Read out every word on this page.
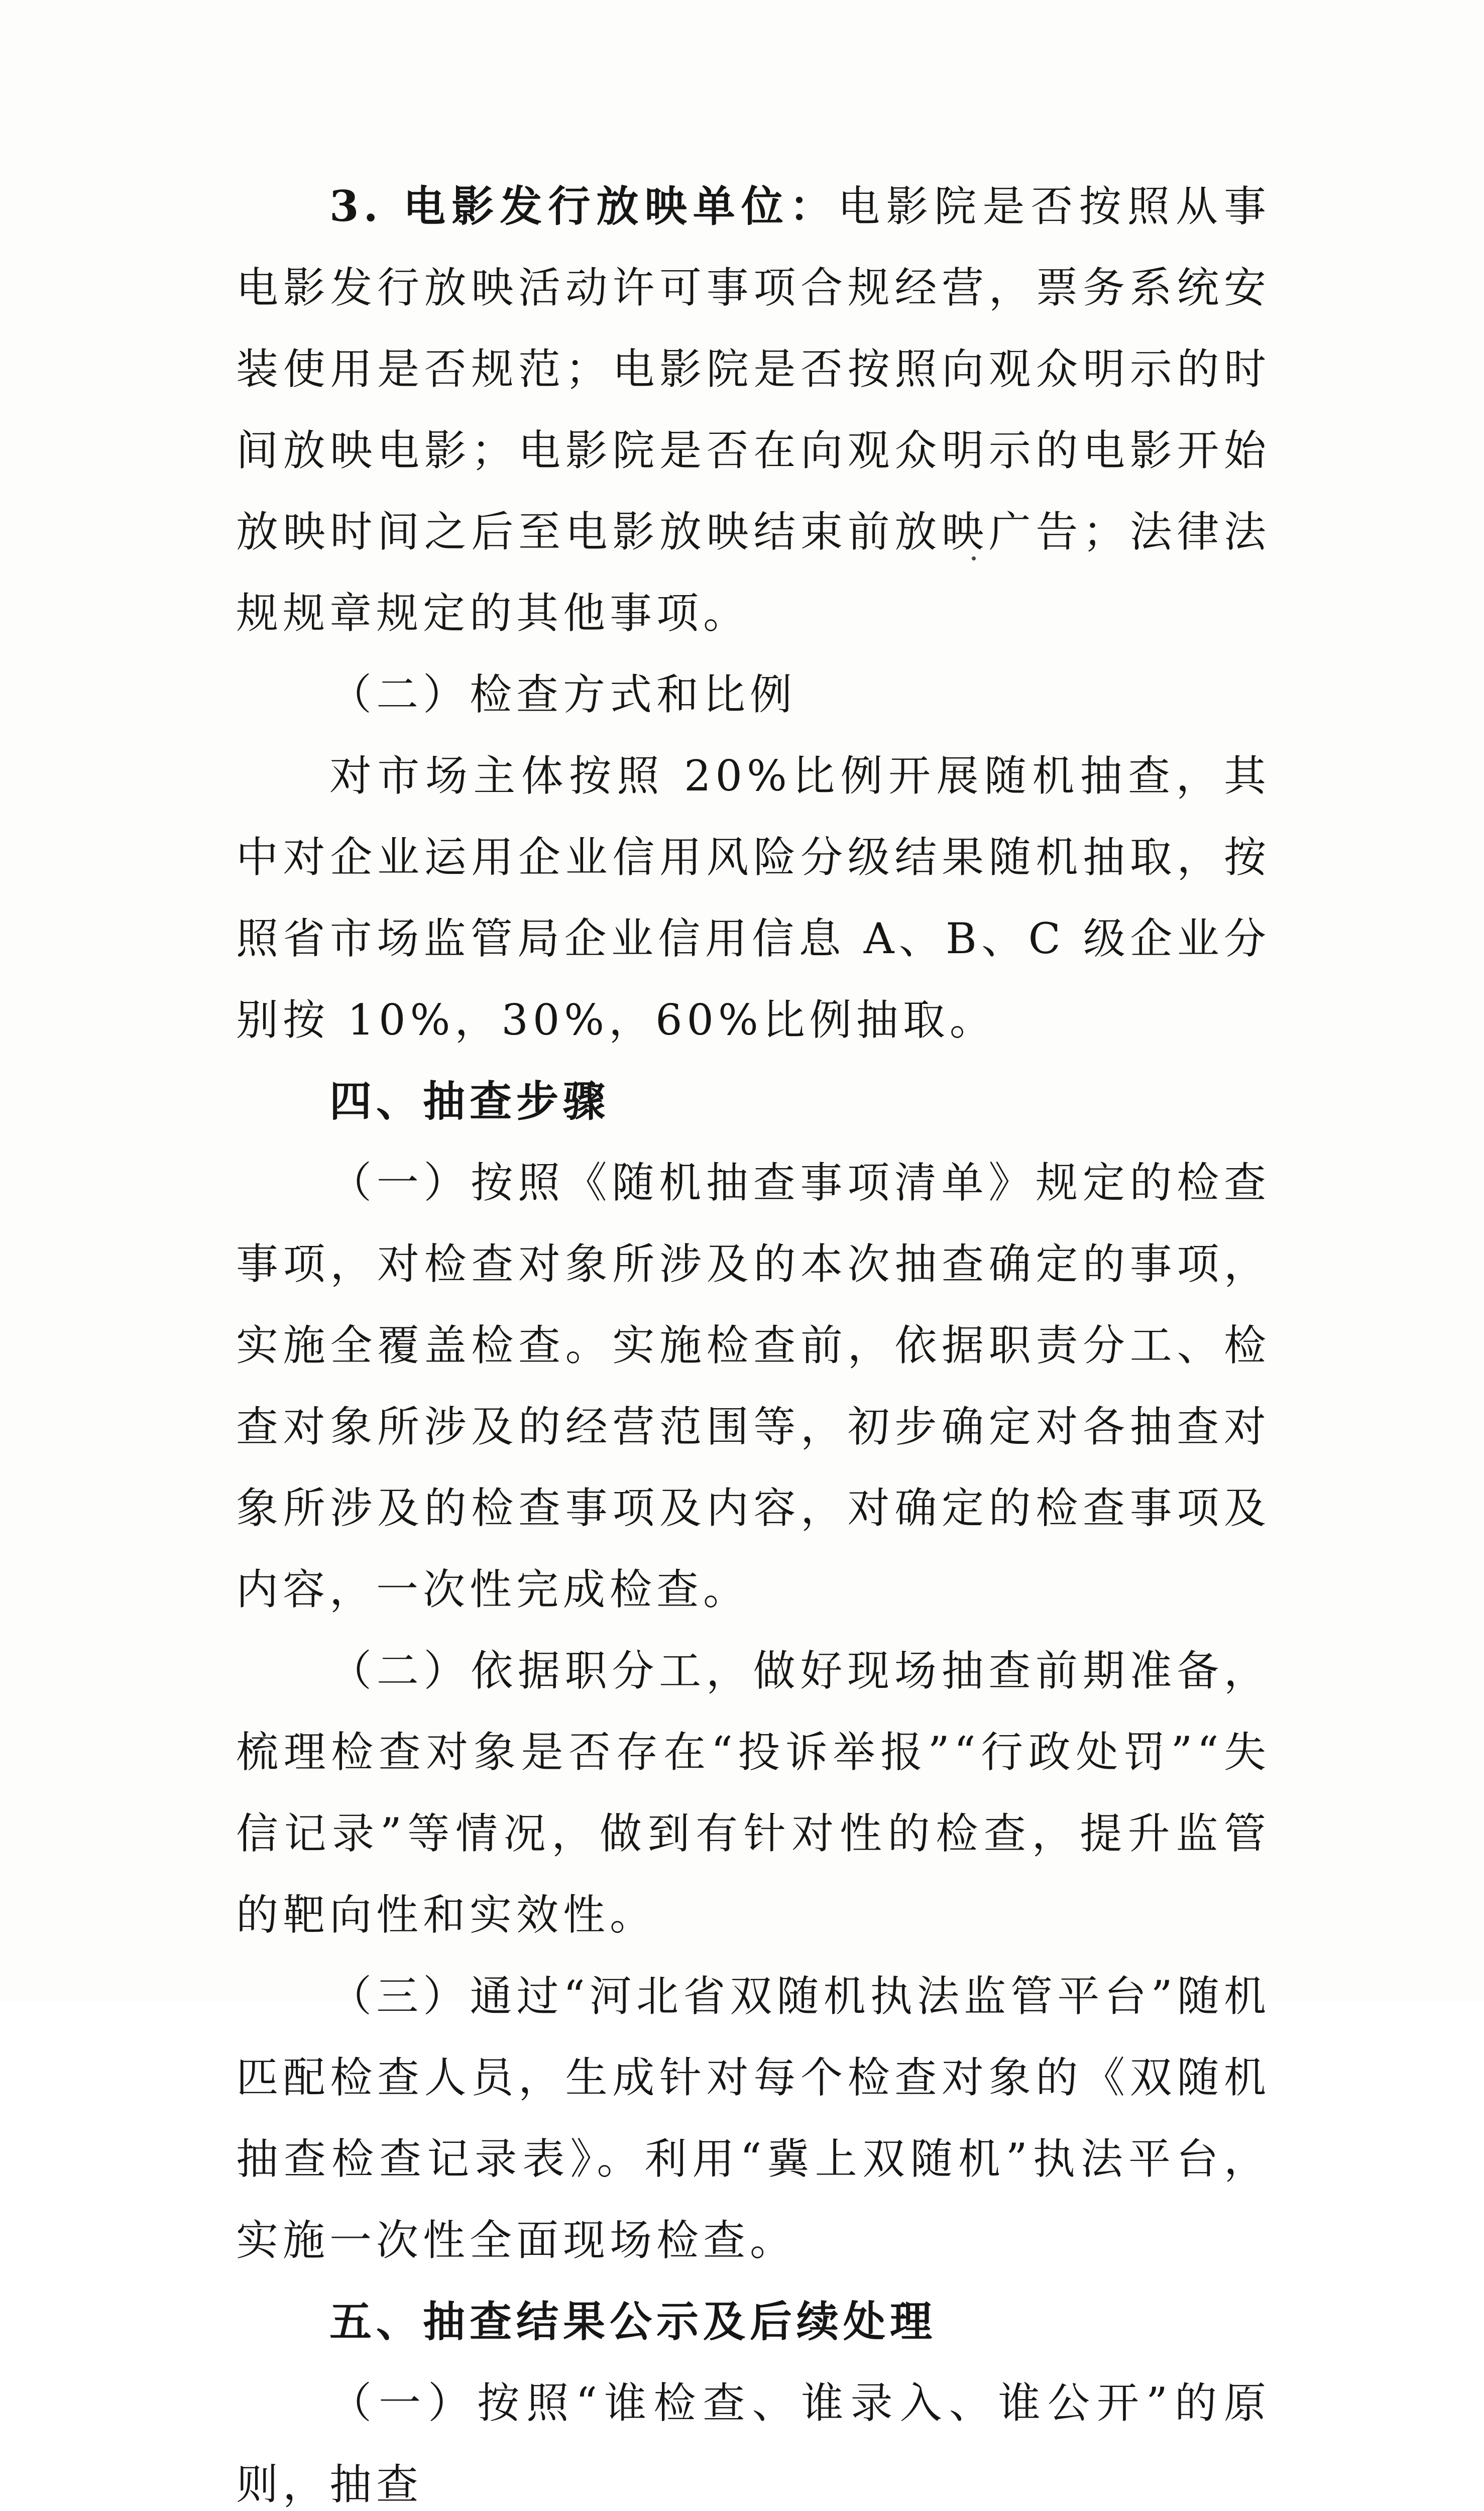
3. 电影发行放映单位：电影院是否按照从事电影发行放映活动许可事项合规经营，票务系统安装使用是否规范；电影院是否按照向观众明示的时间放映电影；电影院是否在向观众明示的电影开始放映时间之后至电影放映结束前放映广告；法律法规规章规定的其他事项。

（二）检查方式和比例

对市场主体按照 20%比例开展随机抽查，其中对企业运用企业信用风险分级结果随机抽取，按照省市场监管局企业信用信息 A、B、C 级企业分别按 10%，30%，60%比例抽取。

四、抽查步骤

（一）按照《随机抽查事项清单》规定的检查事项，对检查对象所涉及的本次抽查确定的事项，实施全覆盖检查。实施检查前，依据职责分工、检查对象所涉及的经营范围等，初步确定对各抽查对象所涉及的检查事项及内容，对确定的检查事项及内容，一次性完成检查。

（二）依据职分工，做好现场抽查前期准备，梳理检查对象是否存在“投诉举报”“行政处罚”“失信记录”等情况，做到有针对性的检查，提升监管的靶向性和实效性。

（三）通过“河北省双随机执法监管平台”随机匹配检查人员，生成针对每个检查对象的《双随机抽查检查记录表》。利用“冀上双随机”执法平台，实施一次性全面现场检查。

五、抽查结果公示及后续处理

（一）按照“谁检查、谁录入、谁公开”的原则，抽查
